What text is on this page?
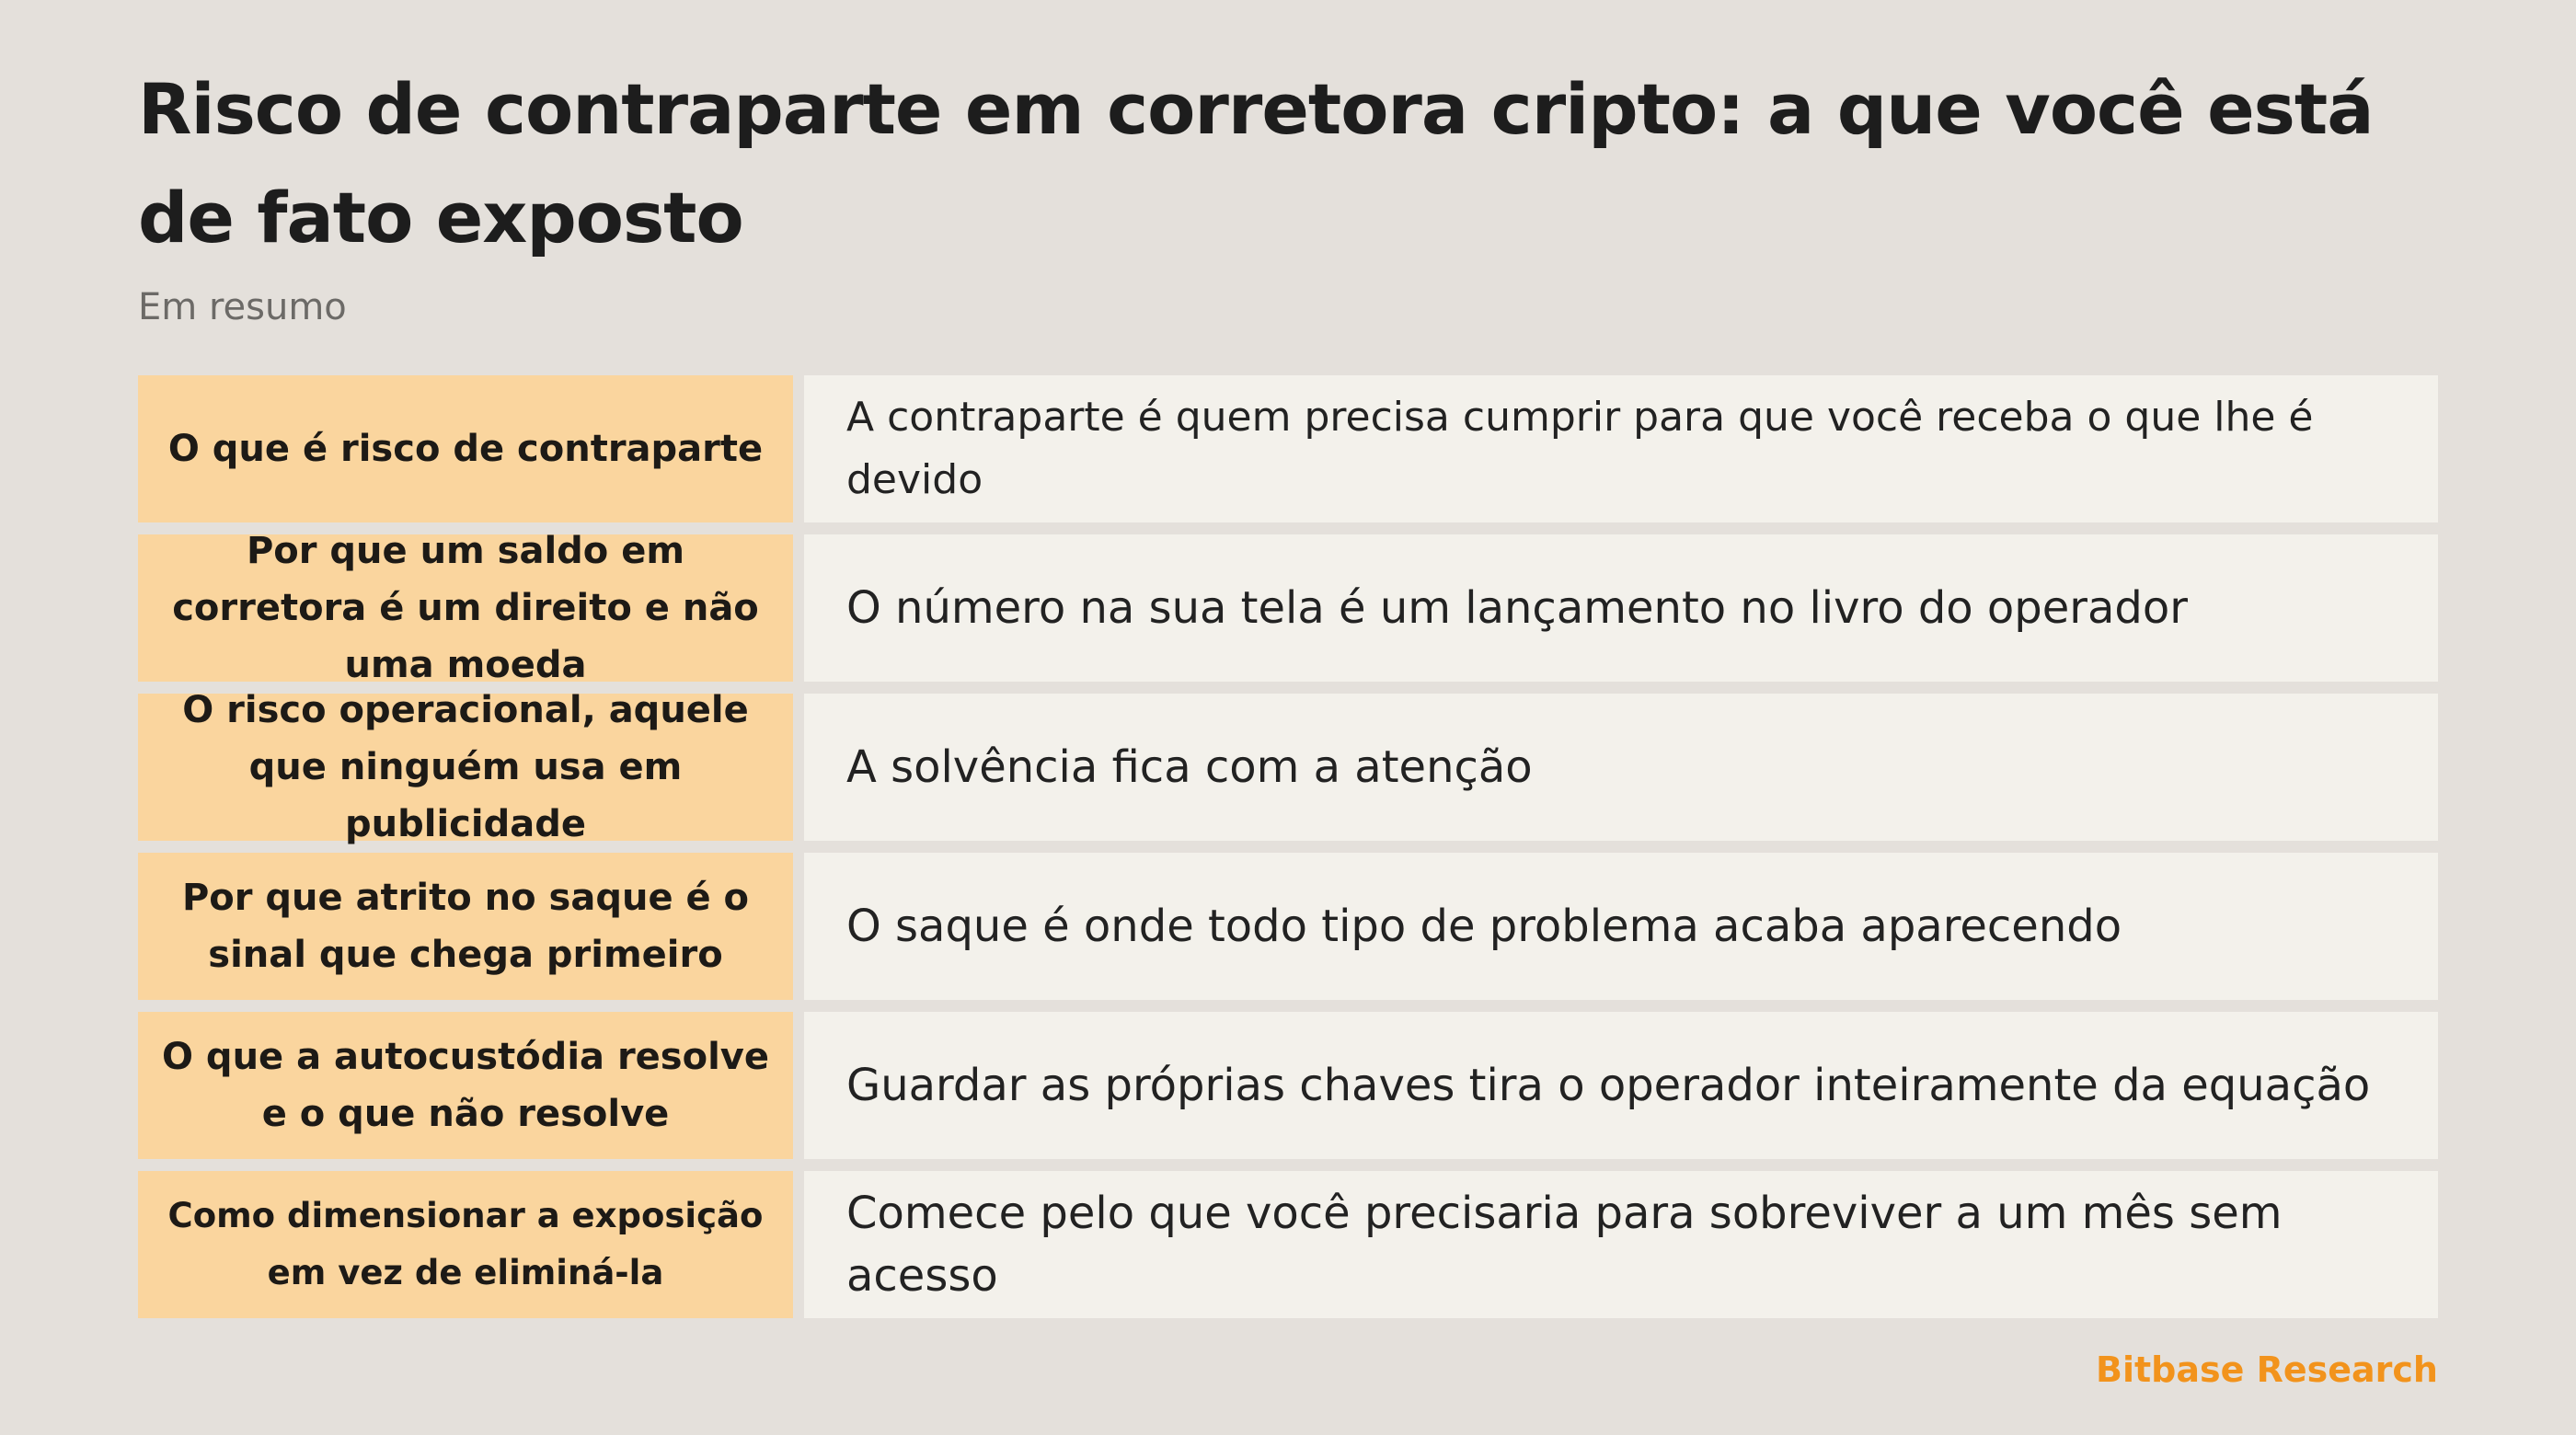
Risco de contraparte em corretora cripto: a que você está de fato exposto
Em resumo
O que é risco de contraparte
A contraparte é quem precisa cumprir para que você receba o que lhe é devido
Por que um saldo em corretora é um direito e não uma moeda
O número na sua tela é um lançamento no livro do operador
O risco operacional, aquele que ninguém usa em publicidade
A solvência fica com a atenção
Por que atrito no saque é o sinal que chega primeiro
O saque é onde todo tipo de problema acaba aparecendo
O que a autocustódia resolve e o que não resolve
Guardar as próprias chaves tira o operador inteiramente da equação
Como dimensionar a exposição em vez de eliminá-la
Comece pelo que você precisaria para sobreviver a um mês sem acesso
Bitbase Research
